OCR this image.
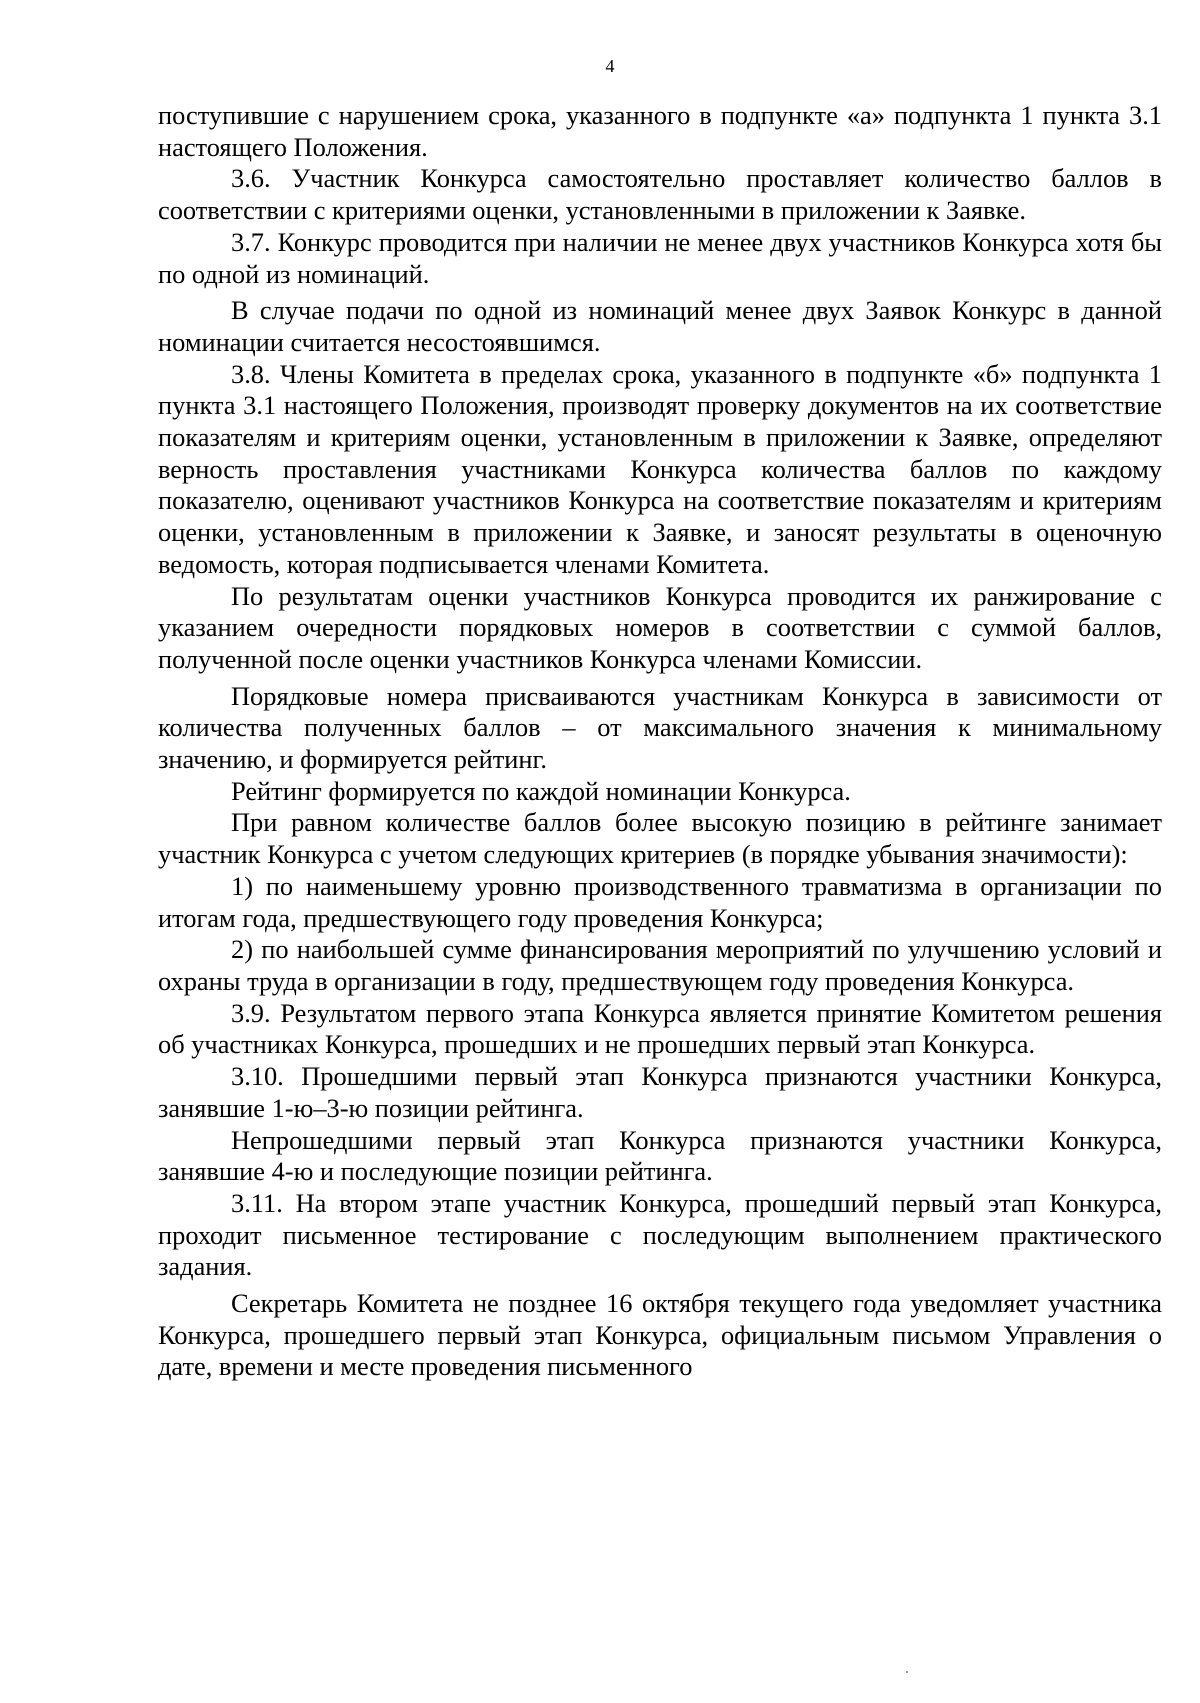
4

поступившие с нарушением срока, указанного в подпункте «а» подпункта 1 пункта 3.1 настоящего Положения.

3.6. Участник Конкурса самостоятельно проставляет количество баллов в соответствии с критериями оценки, установленными в приложении к Заявке.

3.7. Конкурс проводится при наличии не менее двух участников Конкурса хотя бы по одной из номинаций.

В случае подачи по одной из номинаций менее двух Заявок Конкурс в данной номинации считается несостоявшимся.

3.8. Члены Комитета в пределах срока, указанного в подпункте «б» подпункта 1 пункта 3.1 настоящего Положения, производят проверку документов на их соответствие показателям и критериям оценки, установленным в приложении к Заявке, определяют верность проставления участниками Конкурса количества баллов по каждому показателю, оценивают участников Конкурса на соответствие показателям и критериям оценки, установленным в приложении к Заявке, и заносят результаты в оценочную ведомость, которая подписывается членами Комитета.

По результатам оценки участников Конкурса проводится их ранжирование с указанием очередности порядковых номеров в соответствии с суммой баллов, полученной после оценки участников Конкурса членами Комиссии.

Порядковые номера присваиваются участникам Конкурса в зависимости от количества полученных баллов – от максимального значения к минимальному значению, и формируется рейтинг.

Рейтинг формируется по каждой номинации Конкурса.

При равном количестве баллов более высокую позицию в рейтинге занимает участник Конкурса с учетом следующих критериев (в порядке убывания значимости):

1) по наименьшему уровню производственного травматизма в организации по итогам года, предшествующего году проведения Конкурса;

2) по наибольшей сумме финансирования мероприятий по улучшению условий и охраны труда в организации в году, предшествующем году проведения Конкурса.

3.9. Результатом первого этапа Конкурса является принятие Комитетом решения об участниках Конкурса, прошедших и не прошедших первый этап Конкурса.

3.10. Прошедшими первый этап Конкурса признаются участники Конкурса, занявшие 1-ю–3-ю позиции рейтинга.

Непрошедшими первый этап Конкурса признаются участники Конкурса, занявшие 4-ю и последующие позиции рейтинга.

3.11. На втором этапе участник Конкурса, прошедший первый этап Конкурса, проходит письменное тестирование с последующим выполнением практического задания.

Секретарь Комитета не позднее 16 октября текущего года уведомляет участника Конкурса, прошедшего первый этап Конкурса, официальным письмом Управления о дате, времени и месте проведения письменного
